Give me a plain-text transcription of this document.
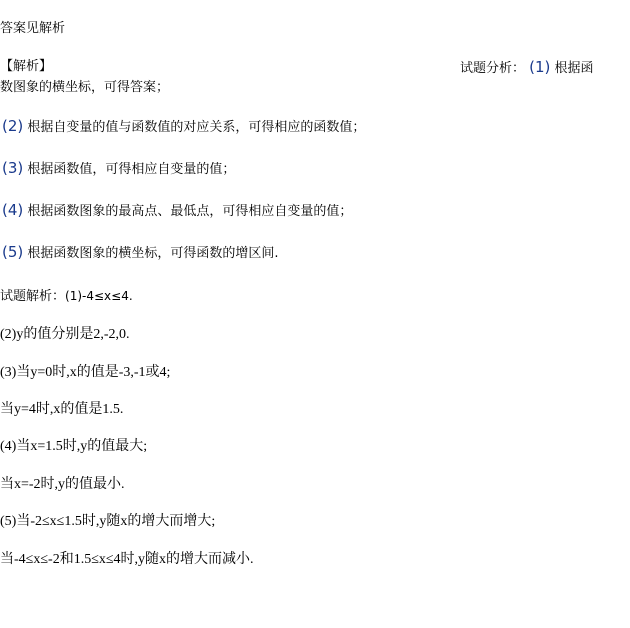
答案见解析
【解析】	试题分析： (1) 根据函
数图象的横坐标，可得答案；
(2) 根据自变量的值与函数值的对应关系，可得相应的函数值；
(3) 根据函数值，可得相应自变量的值；
(4) 根据函数图象的最高点、最低点，可得相应自变量的值；
(5) 根据函数图象的横坐标，可得函数的增区间.
试题解析：(1)-4≤x≤4.
(2)y的值分别是2,-2,0.
(3)当y=0时,x的值是-3,-1或4;
当y=4时,x的值是1.5.
(4)当x=1.5时,y的值最大;
当x=-2时,y的值最小.
(5)当-2≤x≤1.5时,y随x的增大而增大;
当-4≤x≤-2和1.5≤x≤4时,y随x的增大而减小.
